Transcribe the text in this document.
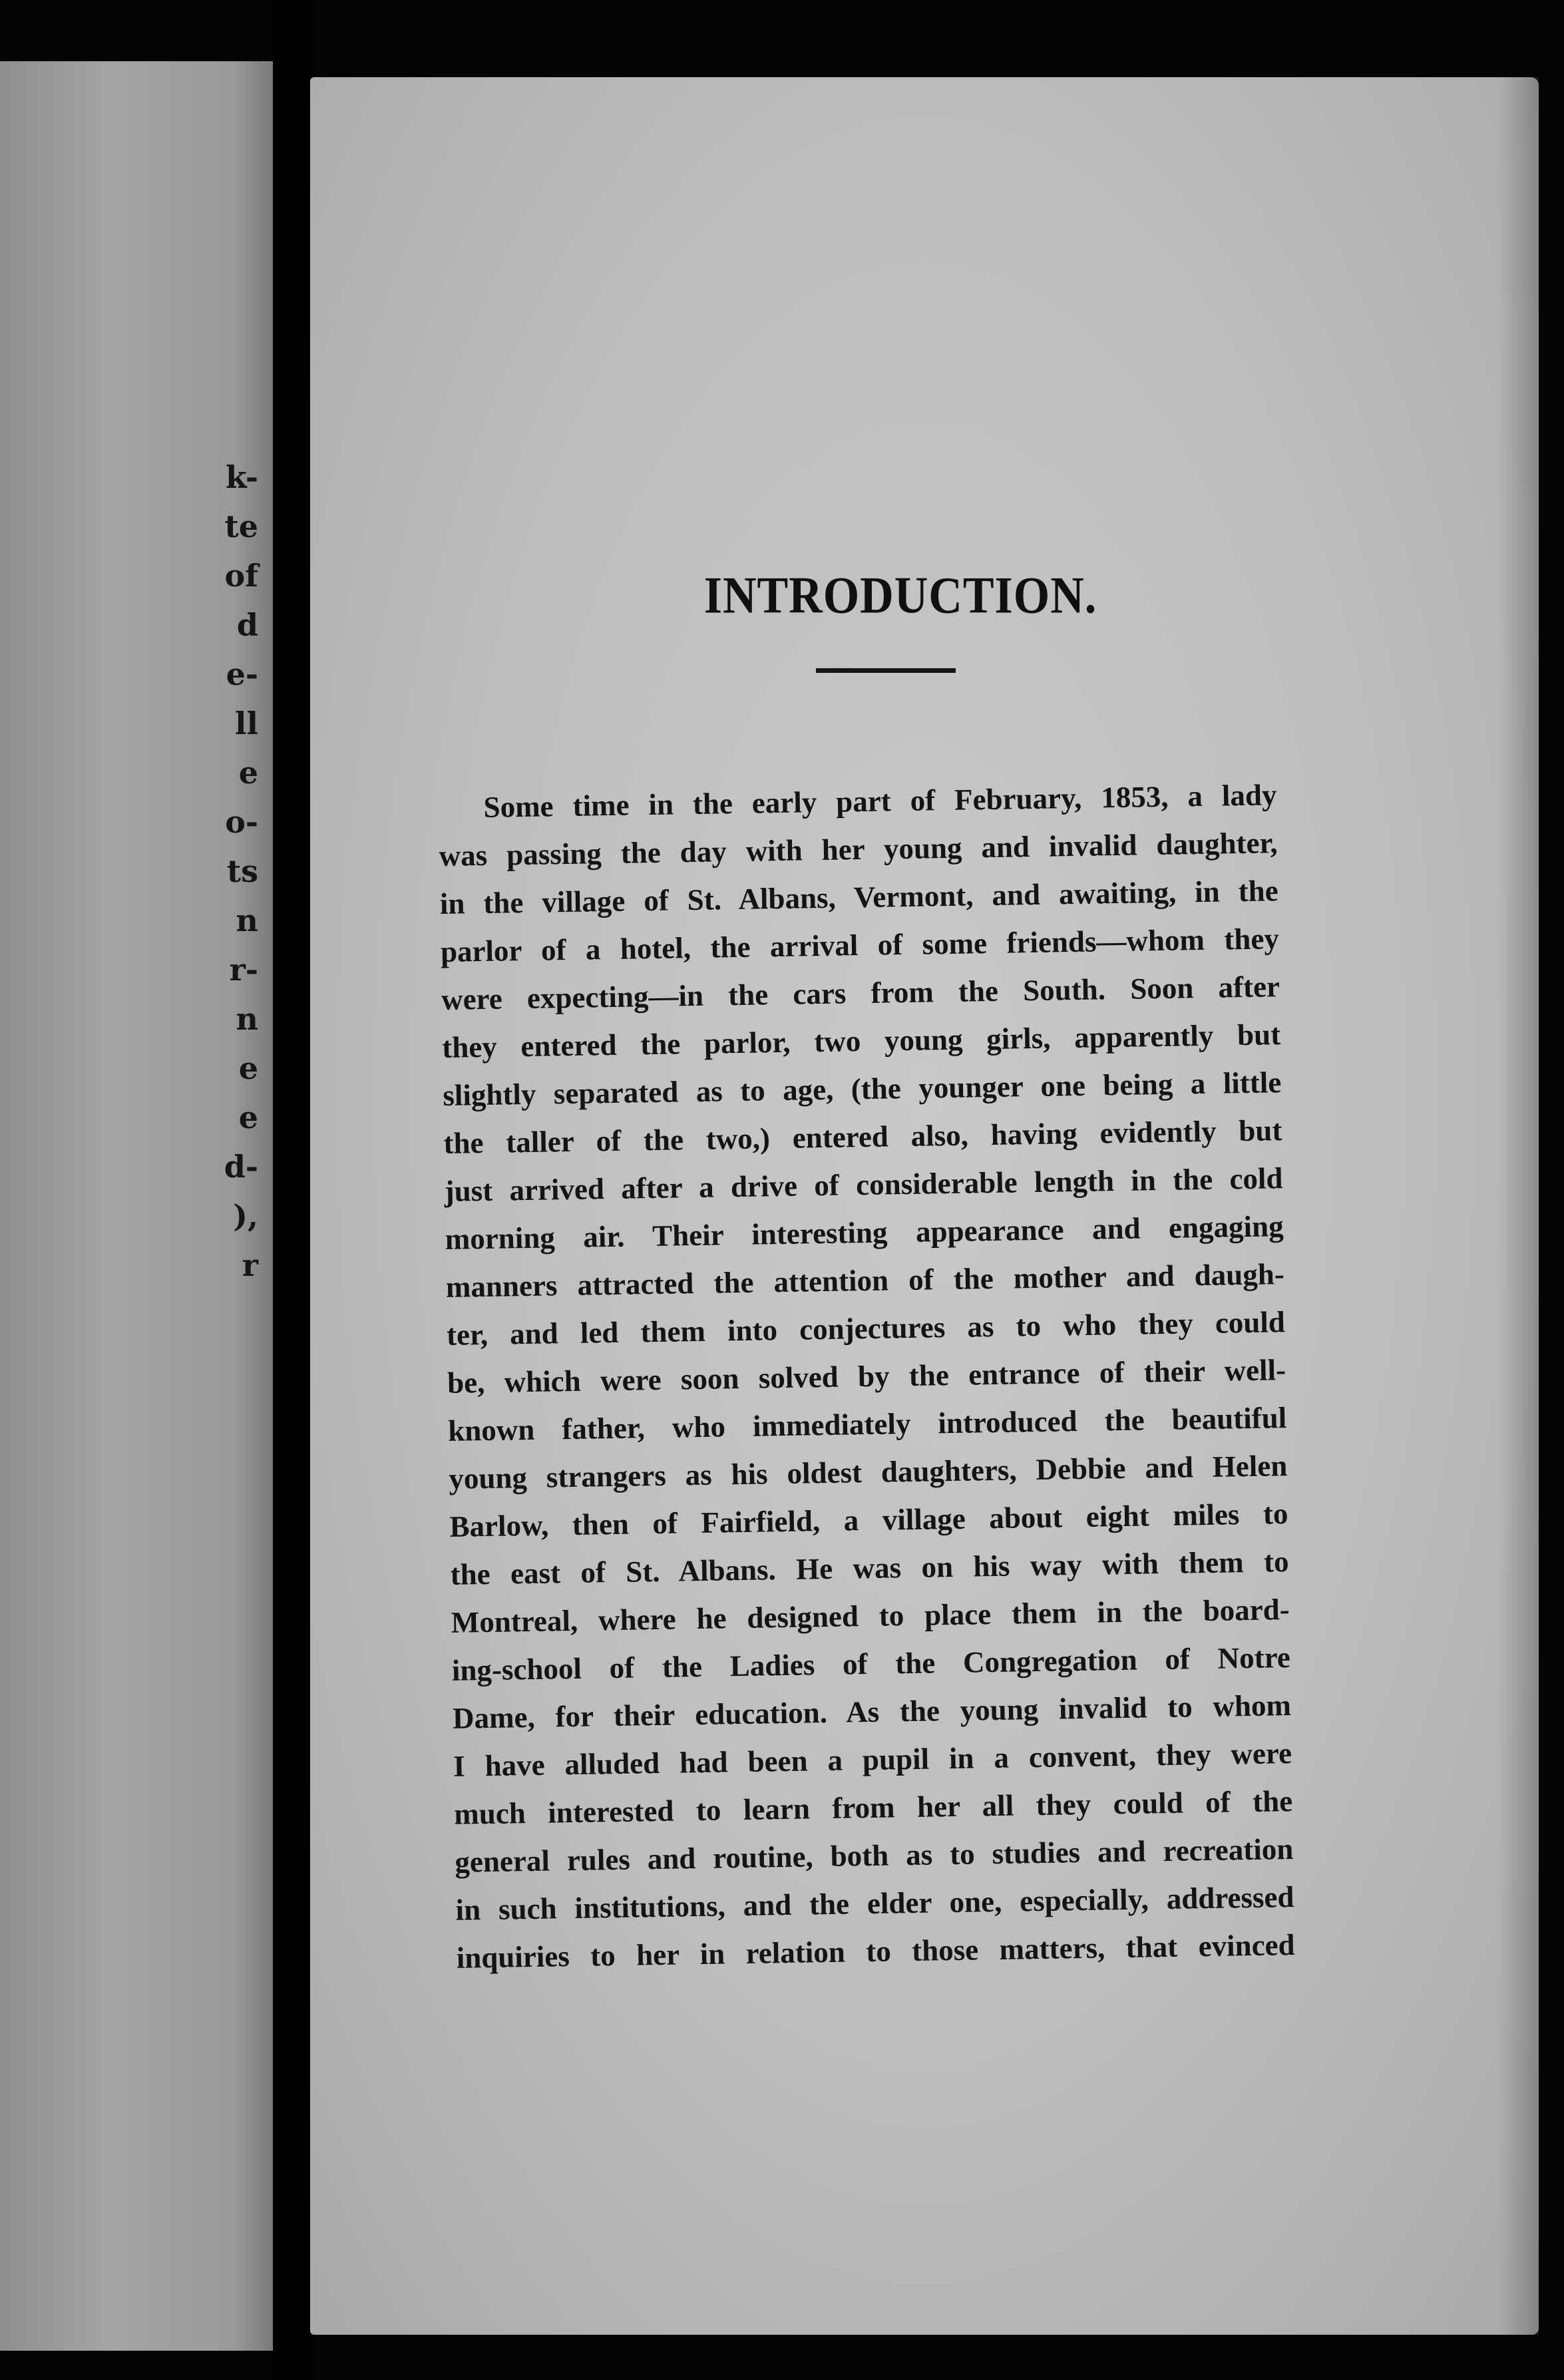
k-
te
of
d
e-
ll
e
o-
ts
n
r-
n
e
e
d-
),
r
INTRODUCTION.

Some time in the early part of February, 1853, a lady

was passing the day with her young and invalid daughter,

in the village of St. Albans, Vermont, and awaiting, in the

parlor of a hotel, the arrival of some friends—whom they

were expecting—in the cars from the South. Soon after

they entered the parlor, two young girls, apparently but

slightly separated as to age, (the younger one being a little

the taller of the two,) entered also, having evidently but

just arrived after a drive of considerable length in the cold

morning air. Their interesting appearance and engaging

manners attracted the attention of the mother and daugh-

ter, and led them into conjectures as to who they could

be, which were soon solved by the entrance of their well-

known father, who immediately introduced the beautiful

young strangers as his oldest daughters, Debbie and Helen

Barlow, then of Fairfield, a village about eight miles to

the east of St. Albans. He was on his way with them to

Montreal, where he designed to place them in the board-

ing-school of the Ladies of the Congregation of Notre

Dame, for their education. As the young invalid to whom

I have alluded had been a pupil in a convent, they were

much interested to learn from her all they could of the

general rules and routine, both as to studies and recreation

in such institutions, and the elder one, especially, addressed

inquiries to her in relation to those matters, that evinced
